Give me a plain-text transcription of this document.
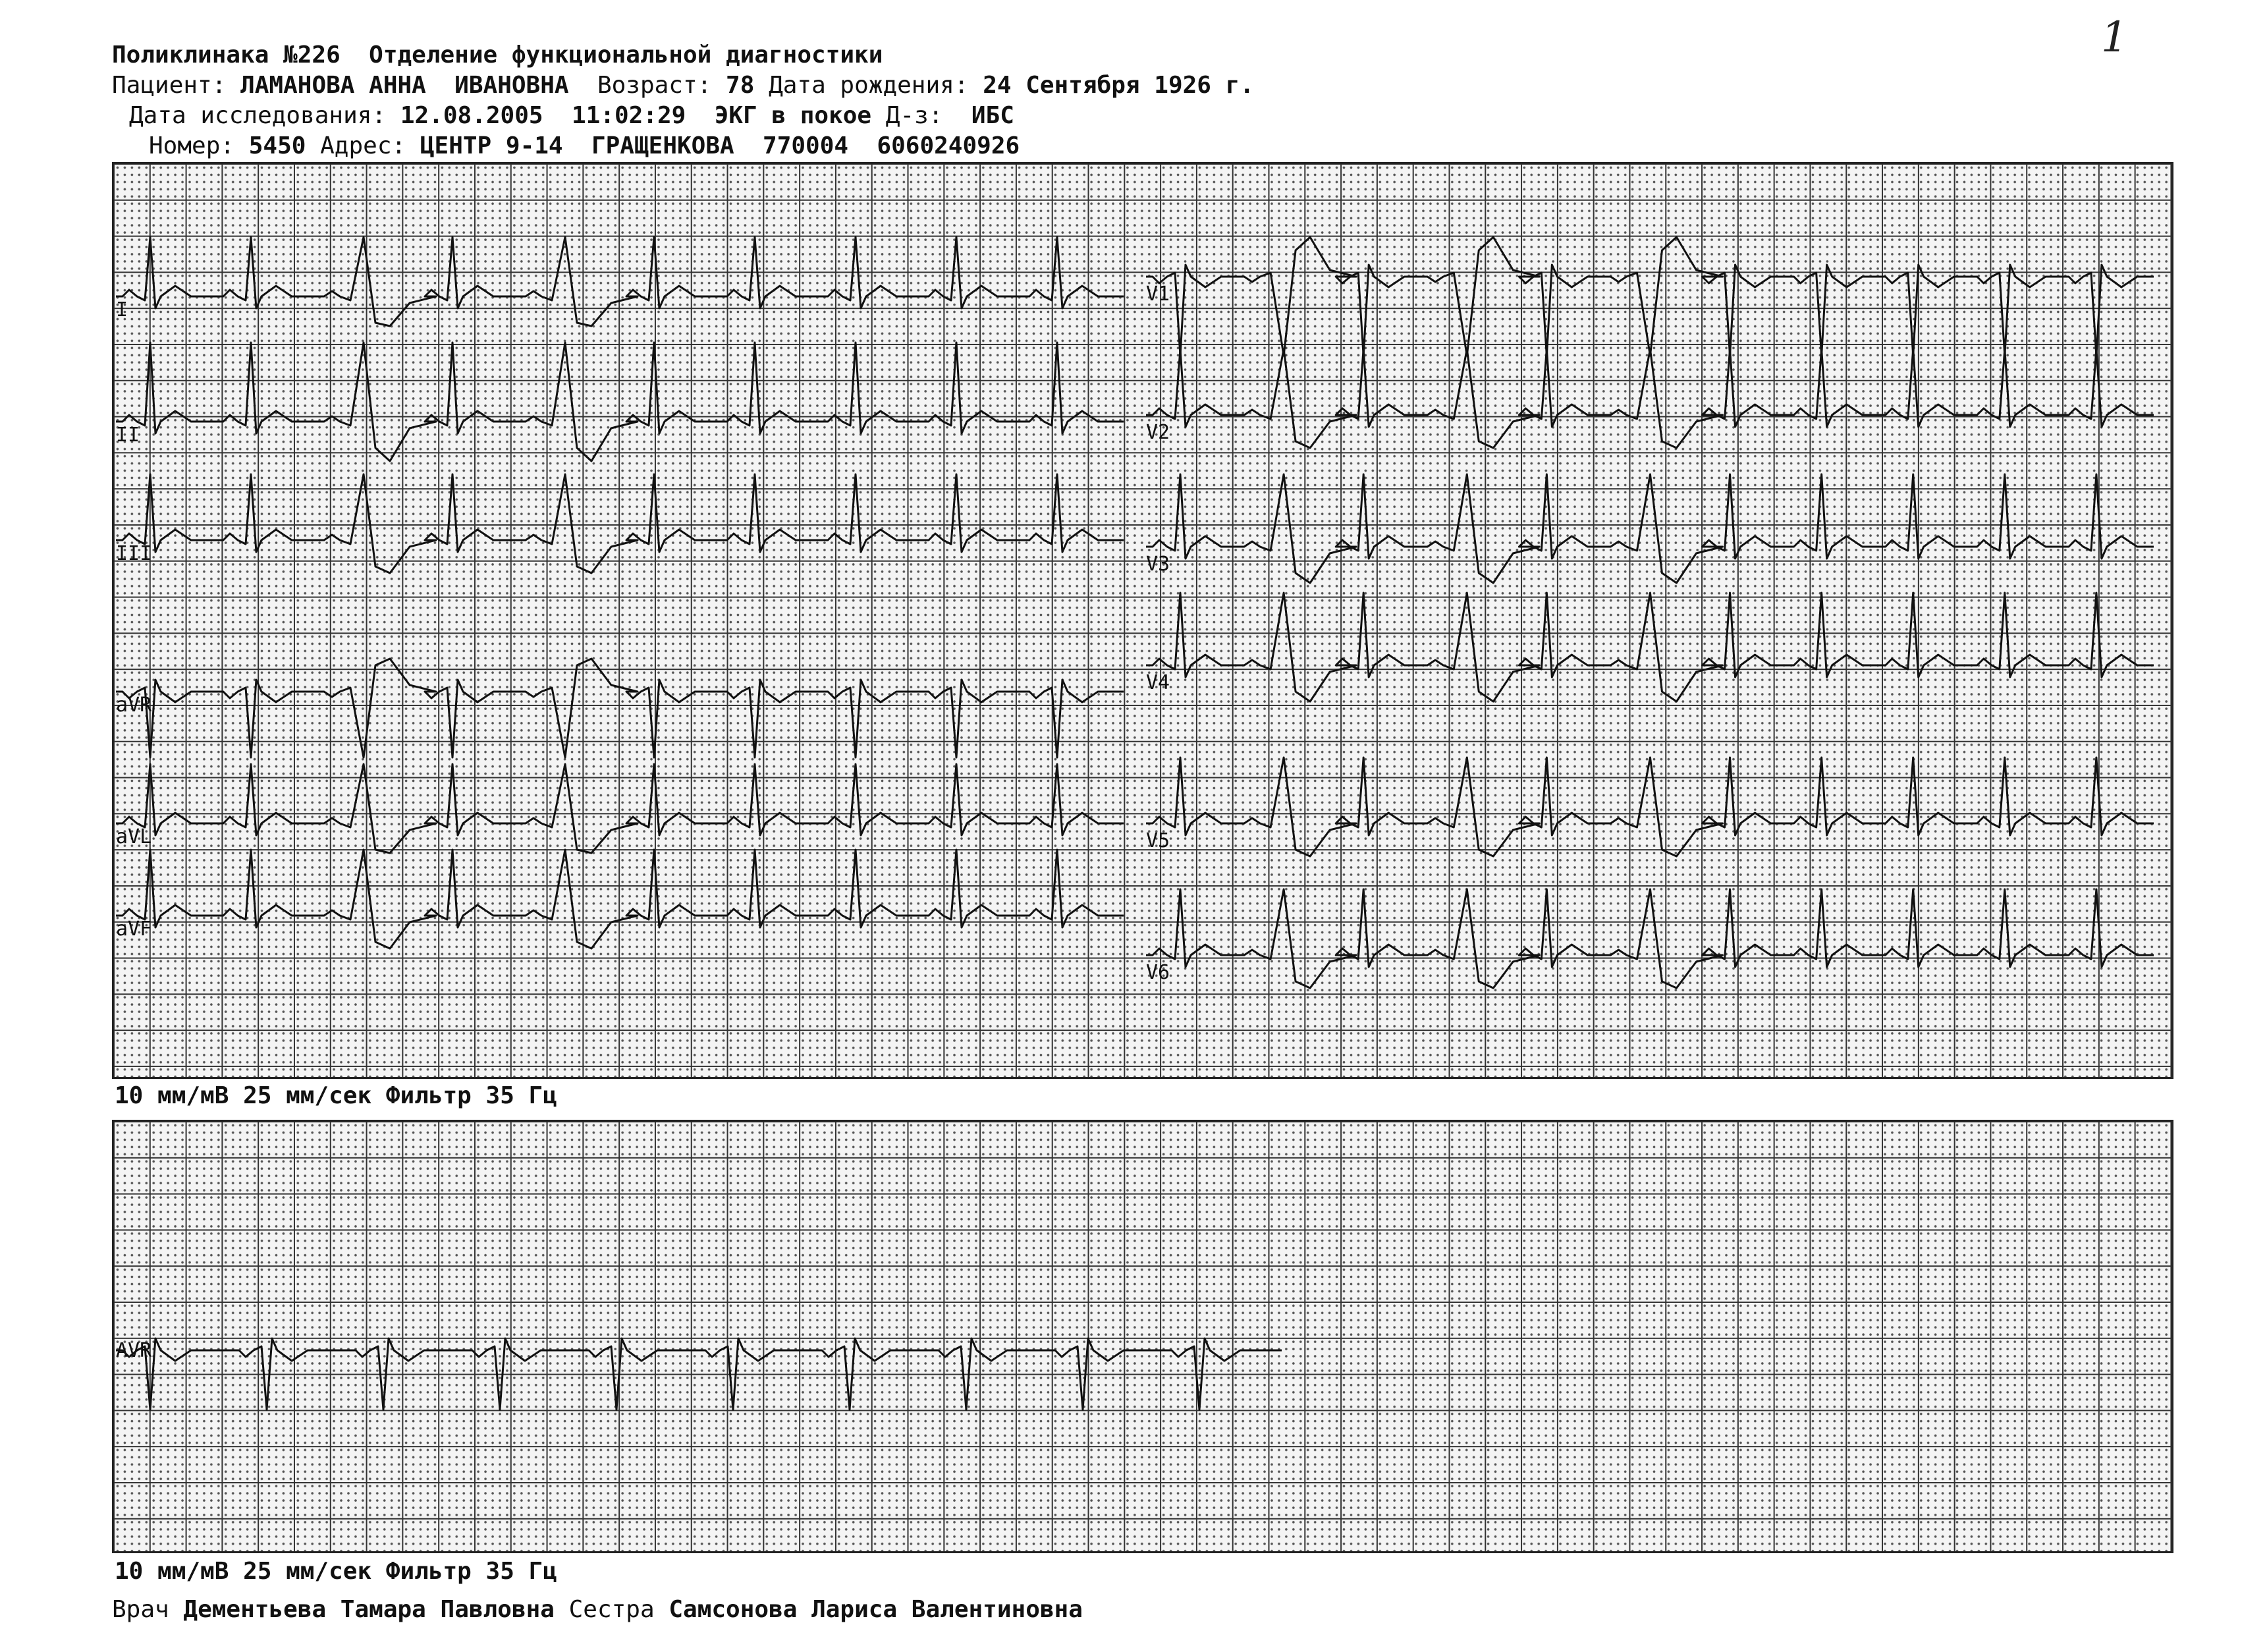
Поликлинака №226 Отделение функциональной диагностики
Пациент: ЛАМАНОВА АННА  ИВАНОВНА Возраст: 78 Дата рождения: 24 Сентября 1926 г.
Дата исследования: 12.08.2005 11:02:29 ЭКГ в покое Д-з: ИБС
Номер: 5450 Адрес: ЦЕНТР 9-14  ГРАЩЕНКОВА  770004  6060240926
1
10 мм/мВ 25 мм/сек Фильтр 35 Гц
10 мм/мВ 25 мм/сек Фильтр 35 Гц
I
II
III
aVR
aVL
aVF
V1
V2
V3
V4
V5
V6
AVR
Врач Дементьева Тамара Павловна Сестра Самсонова Лариса Валентиновна
